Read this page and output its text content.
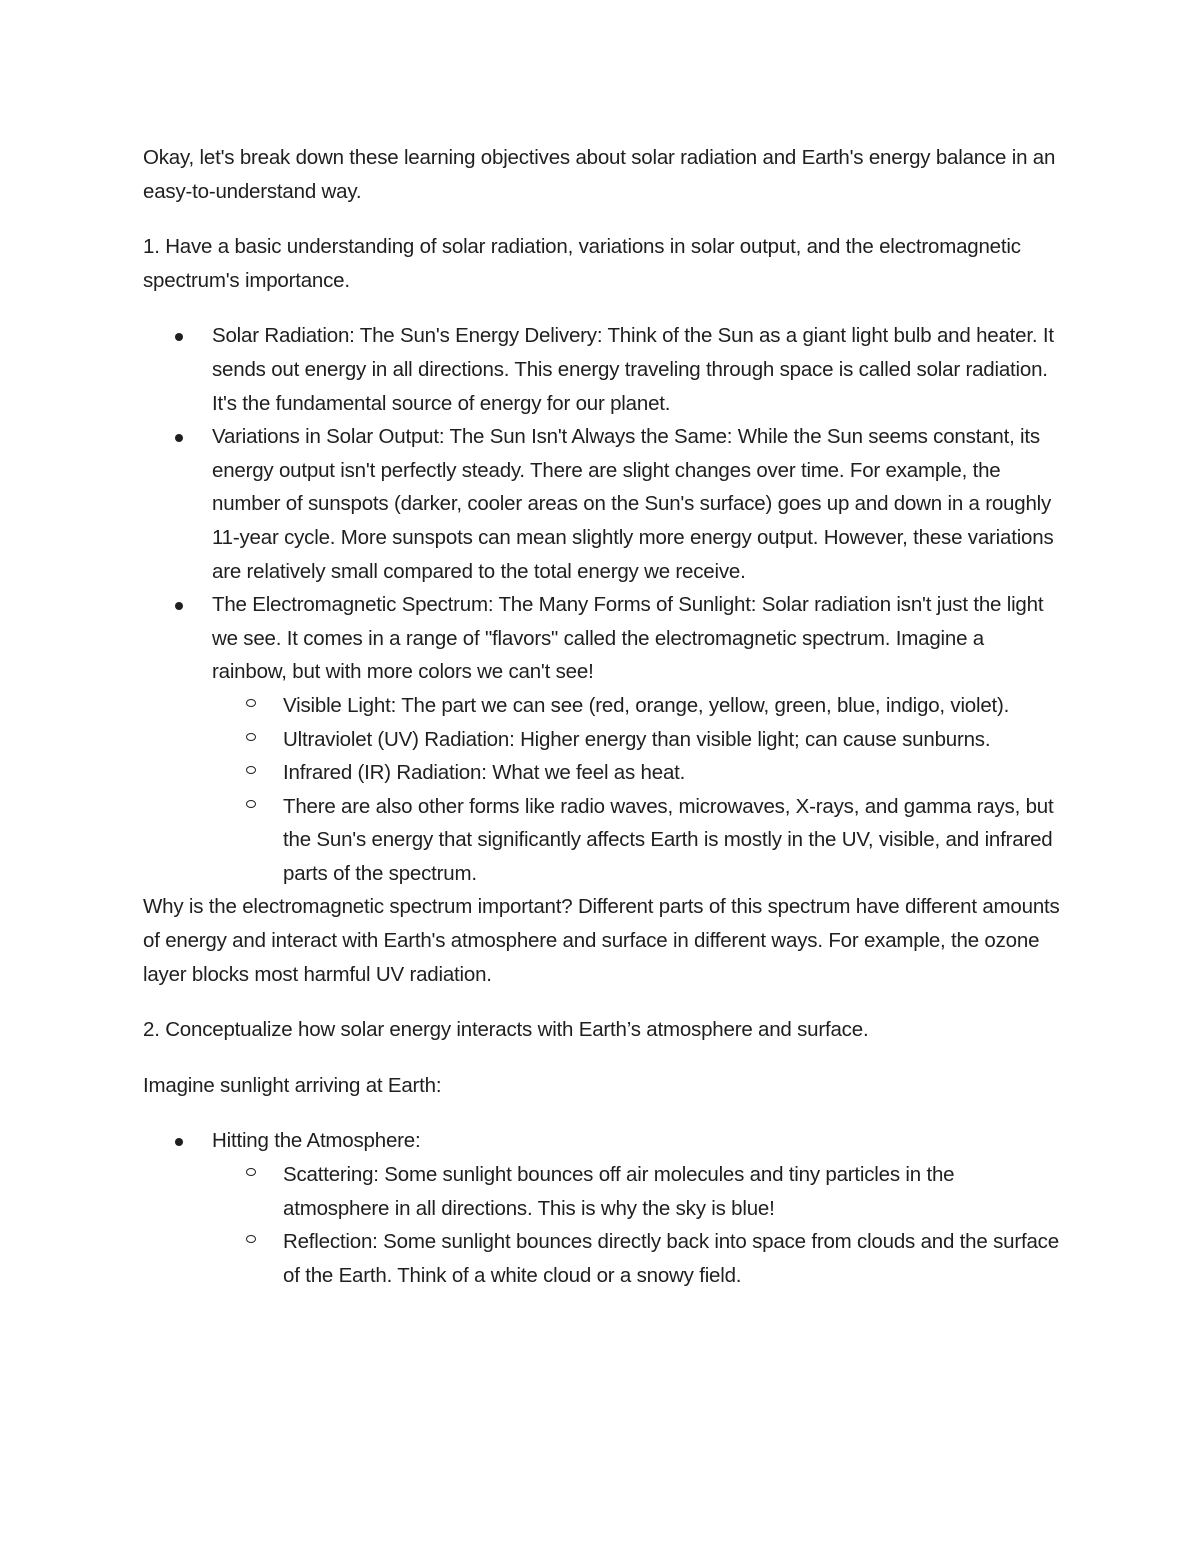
Okay, let's break down these learning objectives about solar radiation and Earth's energy balance in an easy-to-understand way.

1. Have a basic understanding of solar radiation, variations in solar output, and the electromagnetic spectrum's importance.

Solar Radiation: The Sun's Energy Delivery: Think of the Sun as a giant light bulb and heater. It sends out energy in all directions. This energy traveling through space is called solar radiation. It's the fundamental source of energy for our planet.
Variations in Solar Output: The Sun Isn't Always the Same: While the Sun seems constant, its energy output isn't perfectly steady. There are slight changes over time. For example, the number of sunspots (darker, cooler areas on the Sun's surface) goes up and down in a roughly 11-year cycle. More sunspots can mean slightly more energy output. However, these variations are relatively small compared to the total energy we receive.
The Electromagnetic Spectrum: The Many Forms of Sunlight: Solar radiation isn't just the light we see. It comes in a range of "flavors" called the electromagnetic spectrum. Imagine a rainbow, but with more colors we can't see!
Visible Light: The part we can see (red, orange, yellow, green, blue, indigo, violet).
Ultraviolet (UV) Radiation: Higher energy than visible light; can cause sunburns.
Infrared (IR) Radiation: What we feel as heat.
There are also other forms like radio waves, microwaves, X-rays, and gamma rays, but the Sun's energy that significantly affects Earth is mostly in the UV, visible, and infrared parts of the spectrum.

Why is the electromagnetic spectrum important? Different parts of this spectrum have different amounts of energy and interact with Earth's atmosphere and surface in different ways. For example, the ozone layer blocks most harmful UV radiation.

2. Conceptualize how solar energy interacts with Earth’s atmosphere and surface.

Imagine sunlight arriving at Earth:

Hitting the Atmosphere:
Scattering: Some sunlight bounces off air molecules and tiny particles in the atmosphere in all directions. This is why the sky is blue!
Reflection: Some sunlight bounces directly back into space from clouds and the surface of the Earth. Think of a white cloud or a snowy field.
